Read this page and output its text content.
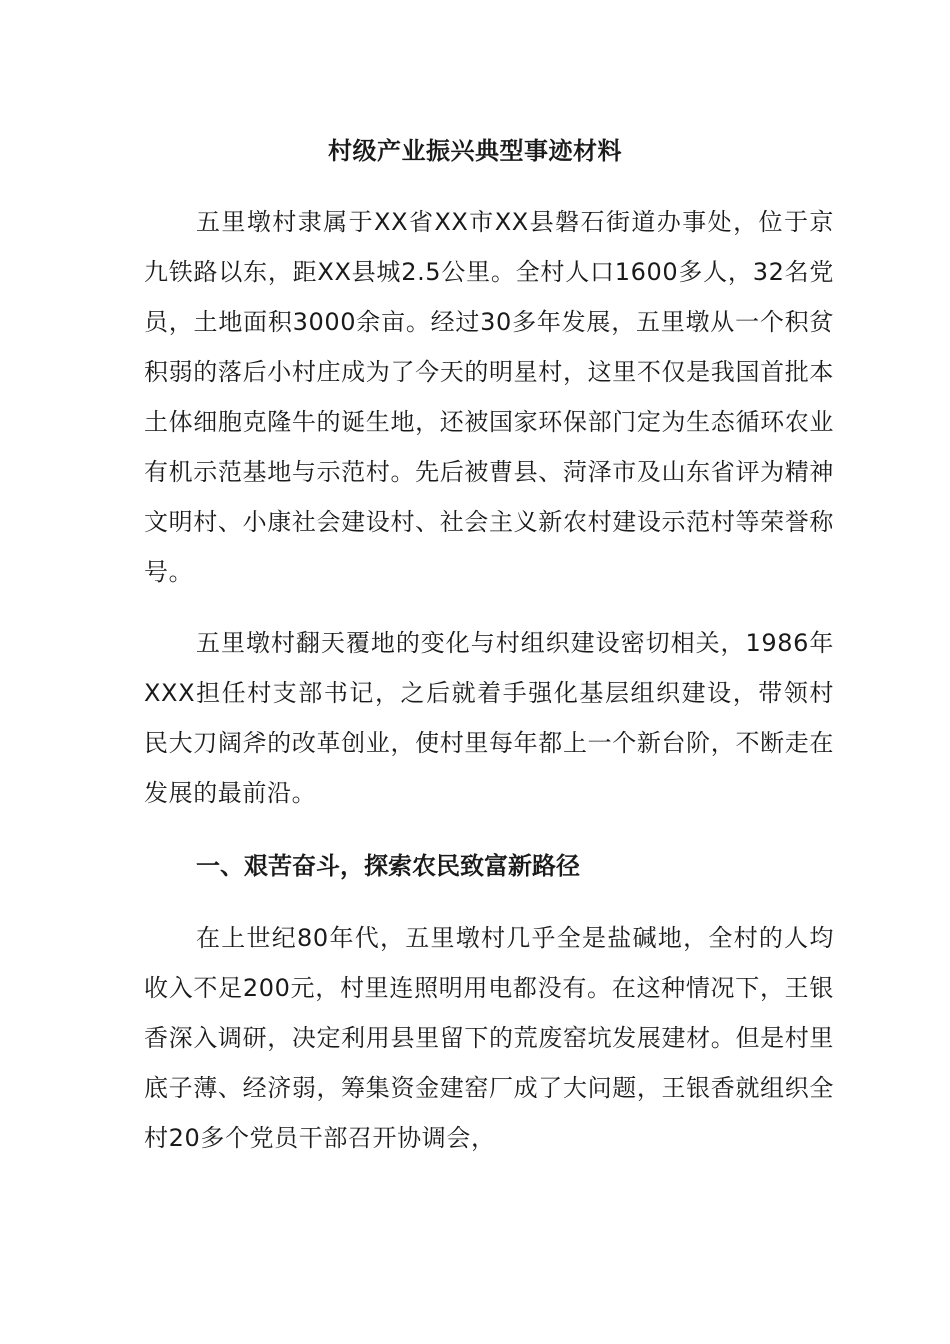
村级产业振兴典型事迹材料

五里墩村隶属于XX省XX市XX县磐石街道办事处，位于京九铁路以东，距XX县城2.5公里。全村人口1600多人，32名党员，土地面积3000余亩。经过30多年发展，五里墩从一个积贫积弱的落后小村庄成为了今天的明星村，这里不仅是我国首批本土体细胞克隆牛的诞生地，还被国家环保部门定为生态循环农业有机示范基地与示范村。先后被曹县、菏泽市及山东省评为精神文明村、小康社会建设村、社会主义新农村建设示范村等荣誉称号。

五里墩村翻天覆地的变化与村组织建设密切相关，1986年XXX担任村支部书记，之后就着手强化基层组织建设，带领村民大刀阔斧的改革创业，使村里每年都上一个新台阶，不断走在发展的最前沿。

一、艰苦奋斗，探索农民致富新路径

在上世纪80年代，五里墩村几乎全是盐碱地，全村的人均收入不足200元，村里连照明用电都没有。在这种情况下，王银香深入调研，决定利用县里留下的荒废窑坑发展建材。但是村里底子薄、经济弱，筹集资金建窑厂成了大问题，王银香就组织全村20多个党员干部召开协调会，
